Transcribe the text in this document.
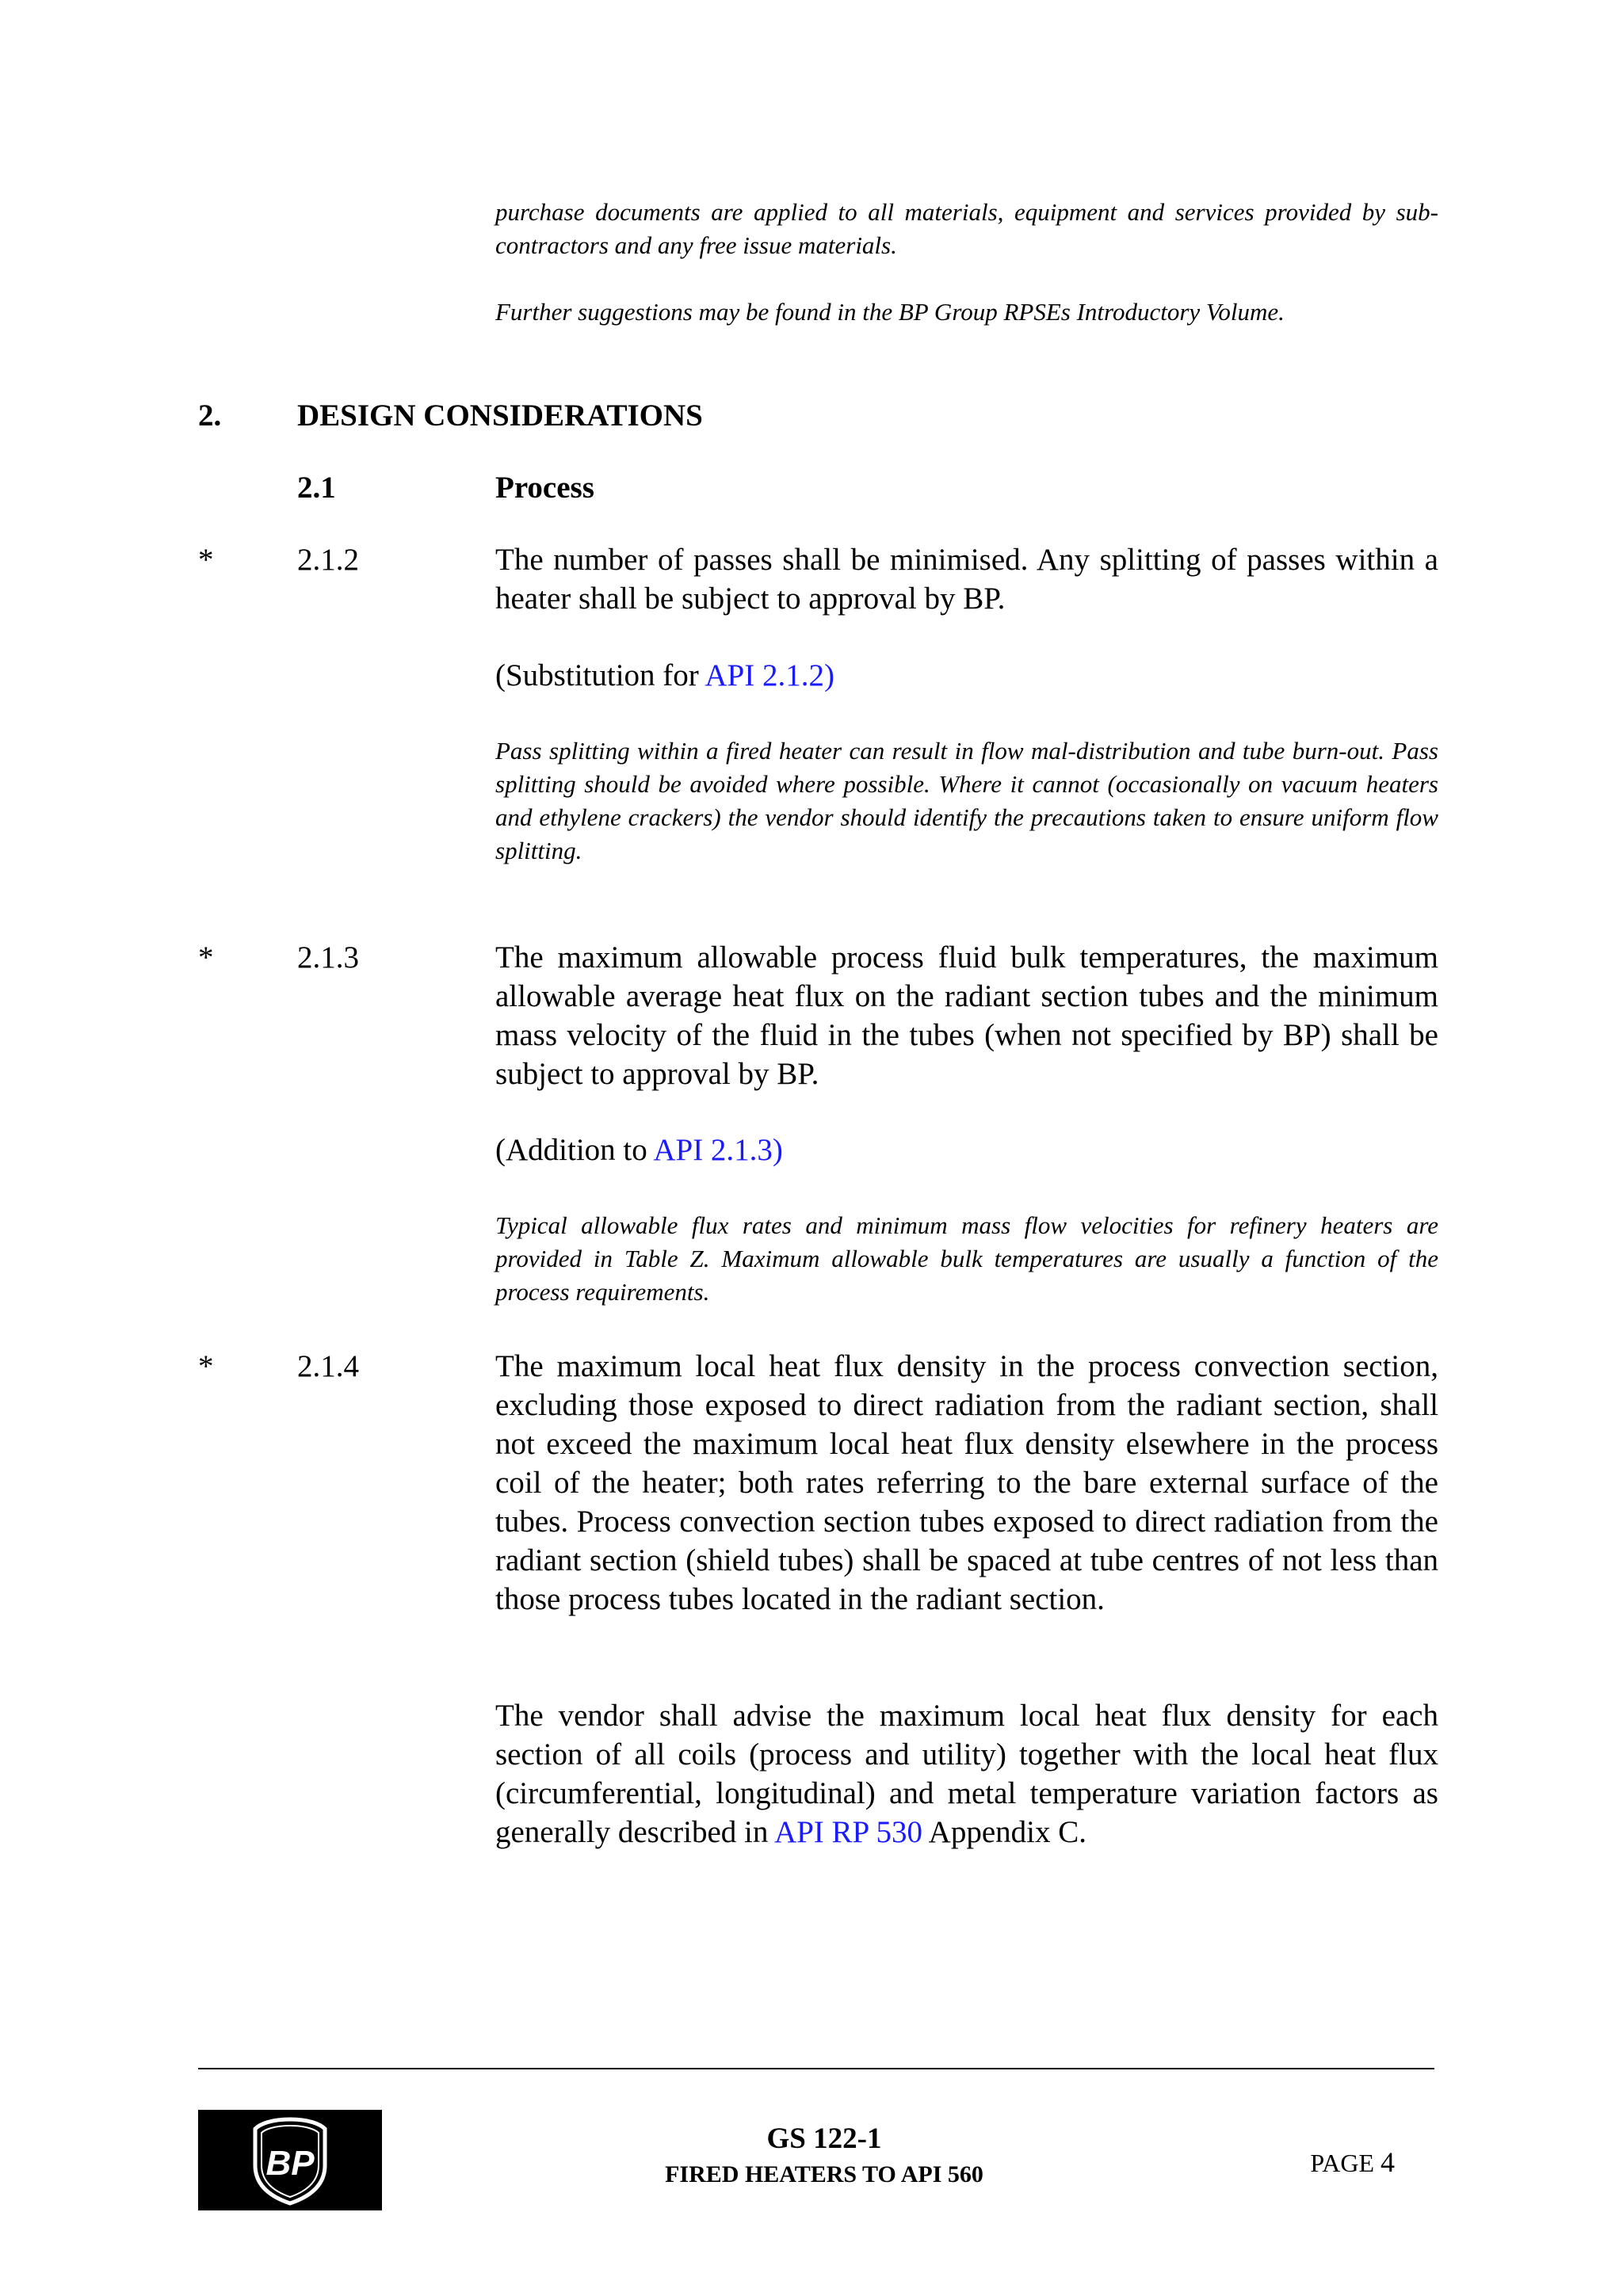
purchase documents are applied to all materials, equipment and services provided by sub-contractors and any free issue materials.
Further suggestions may be found in the BP Group RPSEs Introductory Volume.
2. DESIGN CONSIDERATIONS
2.1	Process
*	2.1.2	The number of passes shall be minimised. Any splitting of passes within a heater shall be subject to approval by BP.
(Substitution for API 2.1.2)
Pass splitting within a fired heater can result in flow mal-distribution and tube burn-out. Pass splitting should be avoided where possible. Where it cannot (occasionally on vacuum heaters and ethylene crackers) the vendor should identify the precautions taken to ensure uniform flow splitting.
*	2.1.3	The maximum allowable process fluid bulk temperatures, the maximum allowable average heat flux on the radiant section tubes and the minimum mass velocity of the fluid in the tubes (when not specified by BP) shall be subject to approval by BP.
(Addition to API 2.1.3)
Typical allowable flux rates and minimum mass flow velocities for refinery heaters are provided in Table Z. Maximum allowable bulk temperatures are usually a function of the process requirements.
*	2.1.4	The maximum local heat flux density in the process convection section, excluding those exposed to direct radiation from the radiant section, shall not exceed the maximum local heat flux density elsewhere in the process coil of the heater; both rates referring to the bare external surface of the tubes. Process convection section tubes exposed to direct radiation from the radiant section (shield tubes) shall be spaced at tube centres of not less than those process tubes located in the radiant section.
The vendor shall advise the maximum local heat flux density for each section of all coils (process and utility) together with the local heat flux (circumferential, longitudinal) and metal temperature variation factors as generally described in API RP 530 Appendix C.
BP
GS 122-1
FIRED HEATERS TO API 560	PAGE 4
